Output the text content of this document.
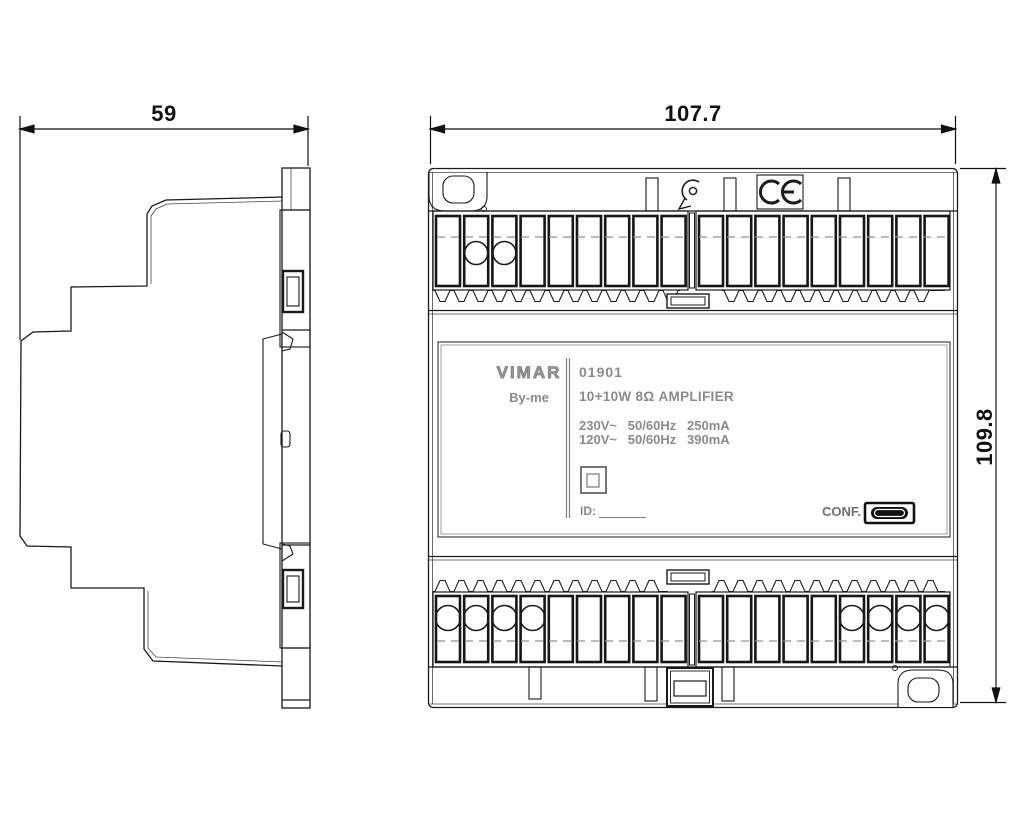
59	107.7
109.8
VIMAR
By-me
01901
10+10W 8Ω AMPLIFIER
230V~   50/60Hz   250mA
120V~   50/60Hz   390mA
ID:	CONF.
